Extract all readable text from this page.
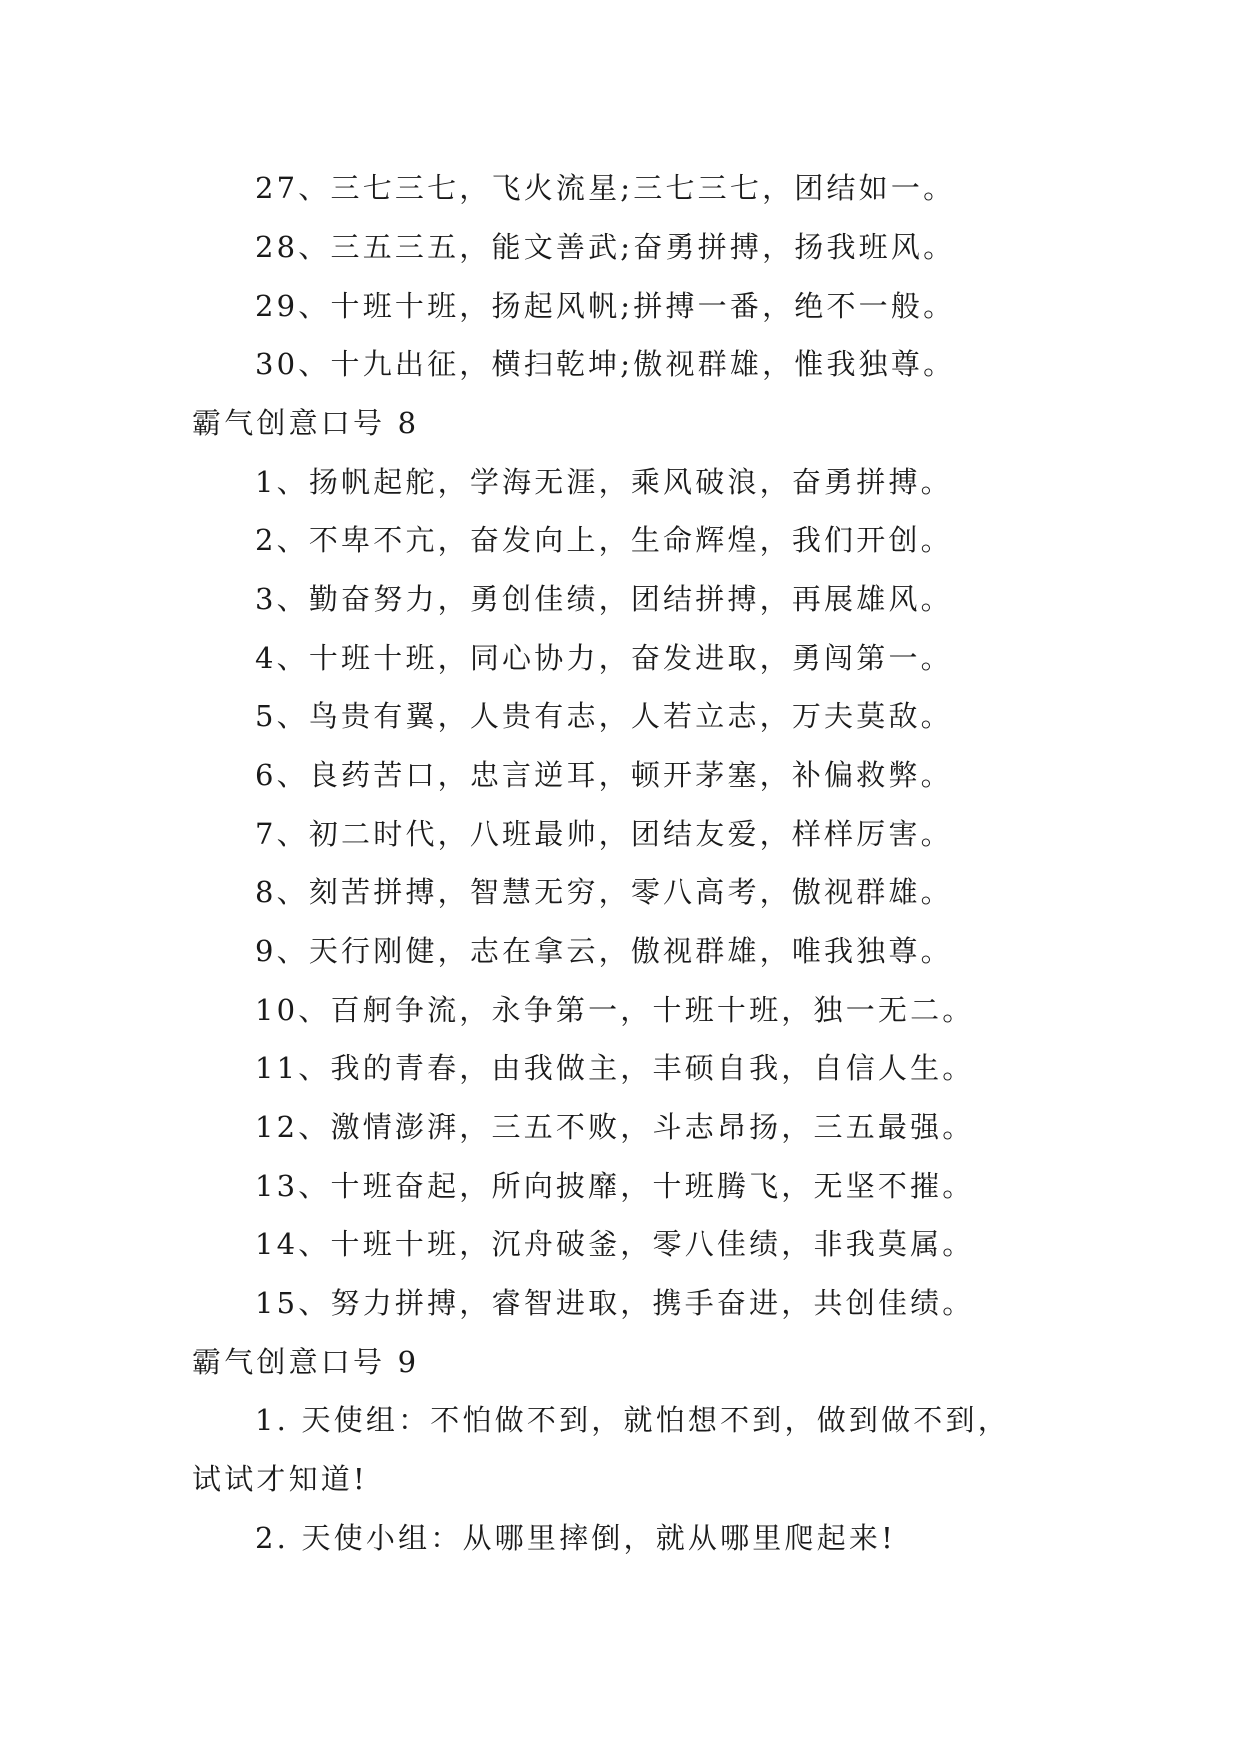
27、三七三七，飞火流星;三七三七，团结如一。
28、三五三五，能文善武;奋勇拼搏，扬我班风。
29、十班十班，扬起风帆;拼搏一番，绝不一般。
30、十九出征，横扫乾坤;傲视群雄，惟我独尊。
霸气创意口号 8
1、扬帆起舵，学海无涯，乘风破浪，奋勇拼搏。
2、不卑不亢，奋发向上，生命辉煌，我们开创。
3、勤奋努力，勇创佳绩，团结拼搏，再展雄风。
4、十班十班，同心协力，奋发进取，勇闯第一。
5、鸟贵有翼，人贵有志，人若立志，万夫莫敌。
6、良药苦口，忠言逆耳，顿开茅塞，补偏救弊。
7、初二时代，八班最帅，团结友爱，样样厉害。
8、刻苦拼搏，智慧无穷，零八高考，傲视群雄。
9、天行刚健，志在拿云，傲视群雄，唯我独尊。
10、百舸争流，永争第一，十班十班，独一无二。
11、我的青春，由我做主，丰硕自我，自信人生。
12、激情澎湃，三五不败，斗志昂扬，三五最强。
13、十班奋起，所向披靡，十班腾飞，无坚不摧。
14、十班十班，沉舟破釜，零八佳绩，非我莫属。
15、努力拼搏，睿智进取，携手奋进，共创佳绩。
霸气创意口号 9
1. 天使组：不怕做不到，就怕想不到，做到做不到，
试试才知道!
2. 天使小组：从哪里摔倒，就从哪里爬起来!
